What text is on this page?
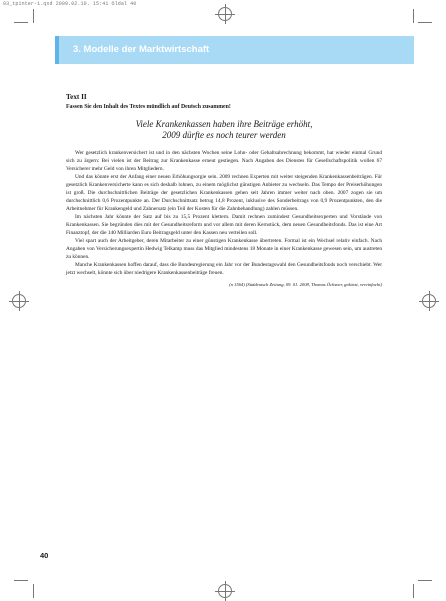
03_tpinter-1.qxd 2009.02.10. 15:41 Oldal 40
3. Modelle der Marktwirtschaft
Text II
Fassen Sie den Inhalt des Textes mündlich auf Deutsch zusammen!
Viele Krankenkassen haben ihre Beiträge erhöht,
2009 dürfte es noch teurer werden

Wer gesetzlich krankenversichert ist und in den nächsten Wochen seine Lohn- oder Gehaltsabrechnung bekommt, hat wieder einmal Grund sich zu ärgern: Bei vielen ist der Beitrag zur Krankenkasse erneut gestiegen. Nach Angaben des Dienstes für Gesellschaftspolitik wollen 67 Versicherer mehr Geld von ihren Mitgliedern.

Und das könnte erst der Anfang einer neuen Erhöhungsorgie sein. 2009 rechnen Experten mit weiter steigenden Krankenkassenbeiträgen. Für gesetzlich Krankenversicherte kann es sich deshalb lohnen, zu einem möglichst günstigen Anbieter zu wechseln. Das Tempo der Preiserhöhungen ist groß. Die durchschnittlichen Beiträge der gesetzlichen Krankenkassen gehen seit Jahren immer weiter nach oben. 2007 zogen sie um durchschnittlich 0,6 Prozentpunkte an. Der Durchschnittsatz betrug 14,8 Prozent, inklusive des Sonderbeitrags von 0,9 Prozentpunkten, den die Arbeitnehmer für Krankengeld und Zahnersatz (ein Teil der Kosten für die Zahnbehandlung) zahlen müssen.

Im nächsten Jahr könnte der Satz auf bis zu 15,5 Prozent klettern. Damit rechnen zumindest Gesundheitsexperten und Vorstände von Krankenkassen. Sie begründen dies mit der Gesundheitsreform und vor allem mit deren Kernstück, dem neuen Gesundheitsfonds. Das ist eine Art Finanztopf, der die 140 Milliarden Euro Beitragsgeld unter den Kassen neu verteilen soll.

Viel spart auch der Arbeitgeber, deren Mitarbeiter zu einer günstigen Krankenkasse übertreten. Formal ist ein Wechsel relativ einfach. Nach Angaben von Versicherungsexpertin Hedwig Telkamp muss das Mitglied mindestens 18 Monate in einer Krankenkasse gewesen sein, um austreten zu können.

Manche Krankenkassen hoffen darauf, dass die Bundesregierung ein Jahr vor der Bundestagswahl den Gesundheitsfonds noch verschiebt. Wer jetzt wechselt, könnte sich über niedrigere Krankenkassenbeiträge freuen.

(n 1564) (Süddeutsch Zeitung, 09. 01. 2008, Thomas Öchsner, gekürzt, vereinfacht)
40
